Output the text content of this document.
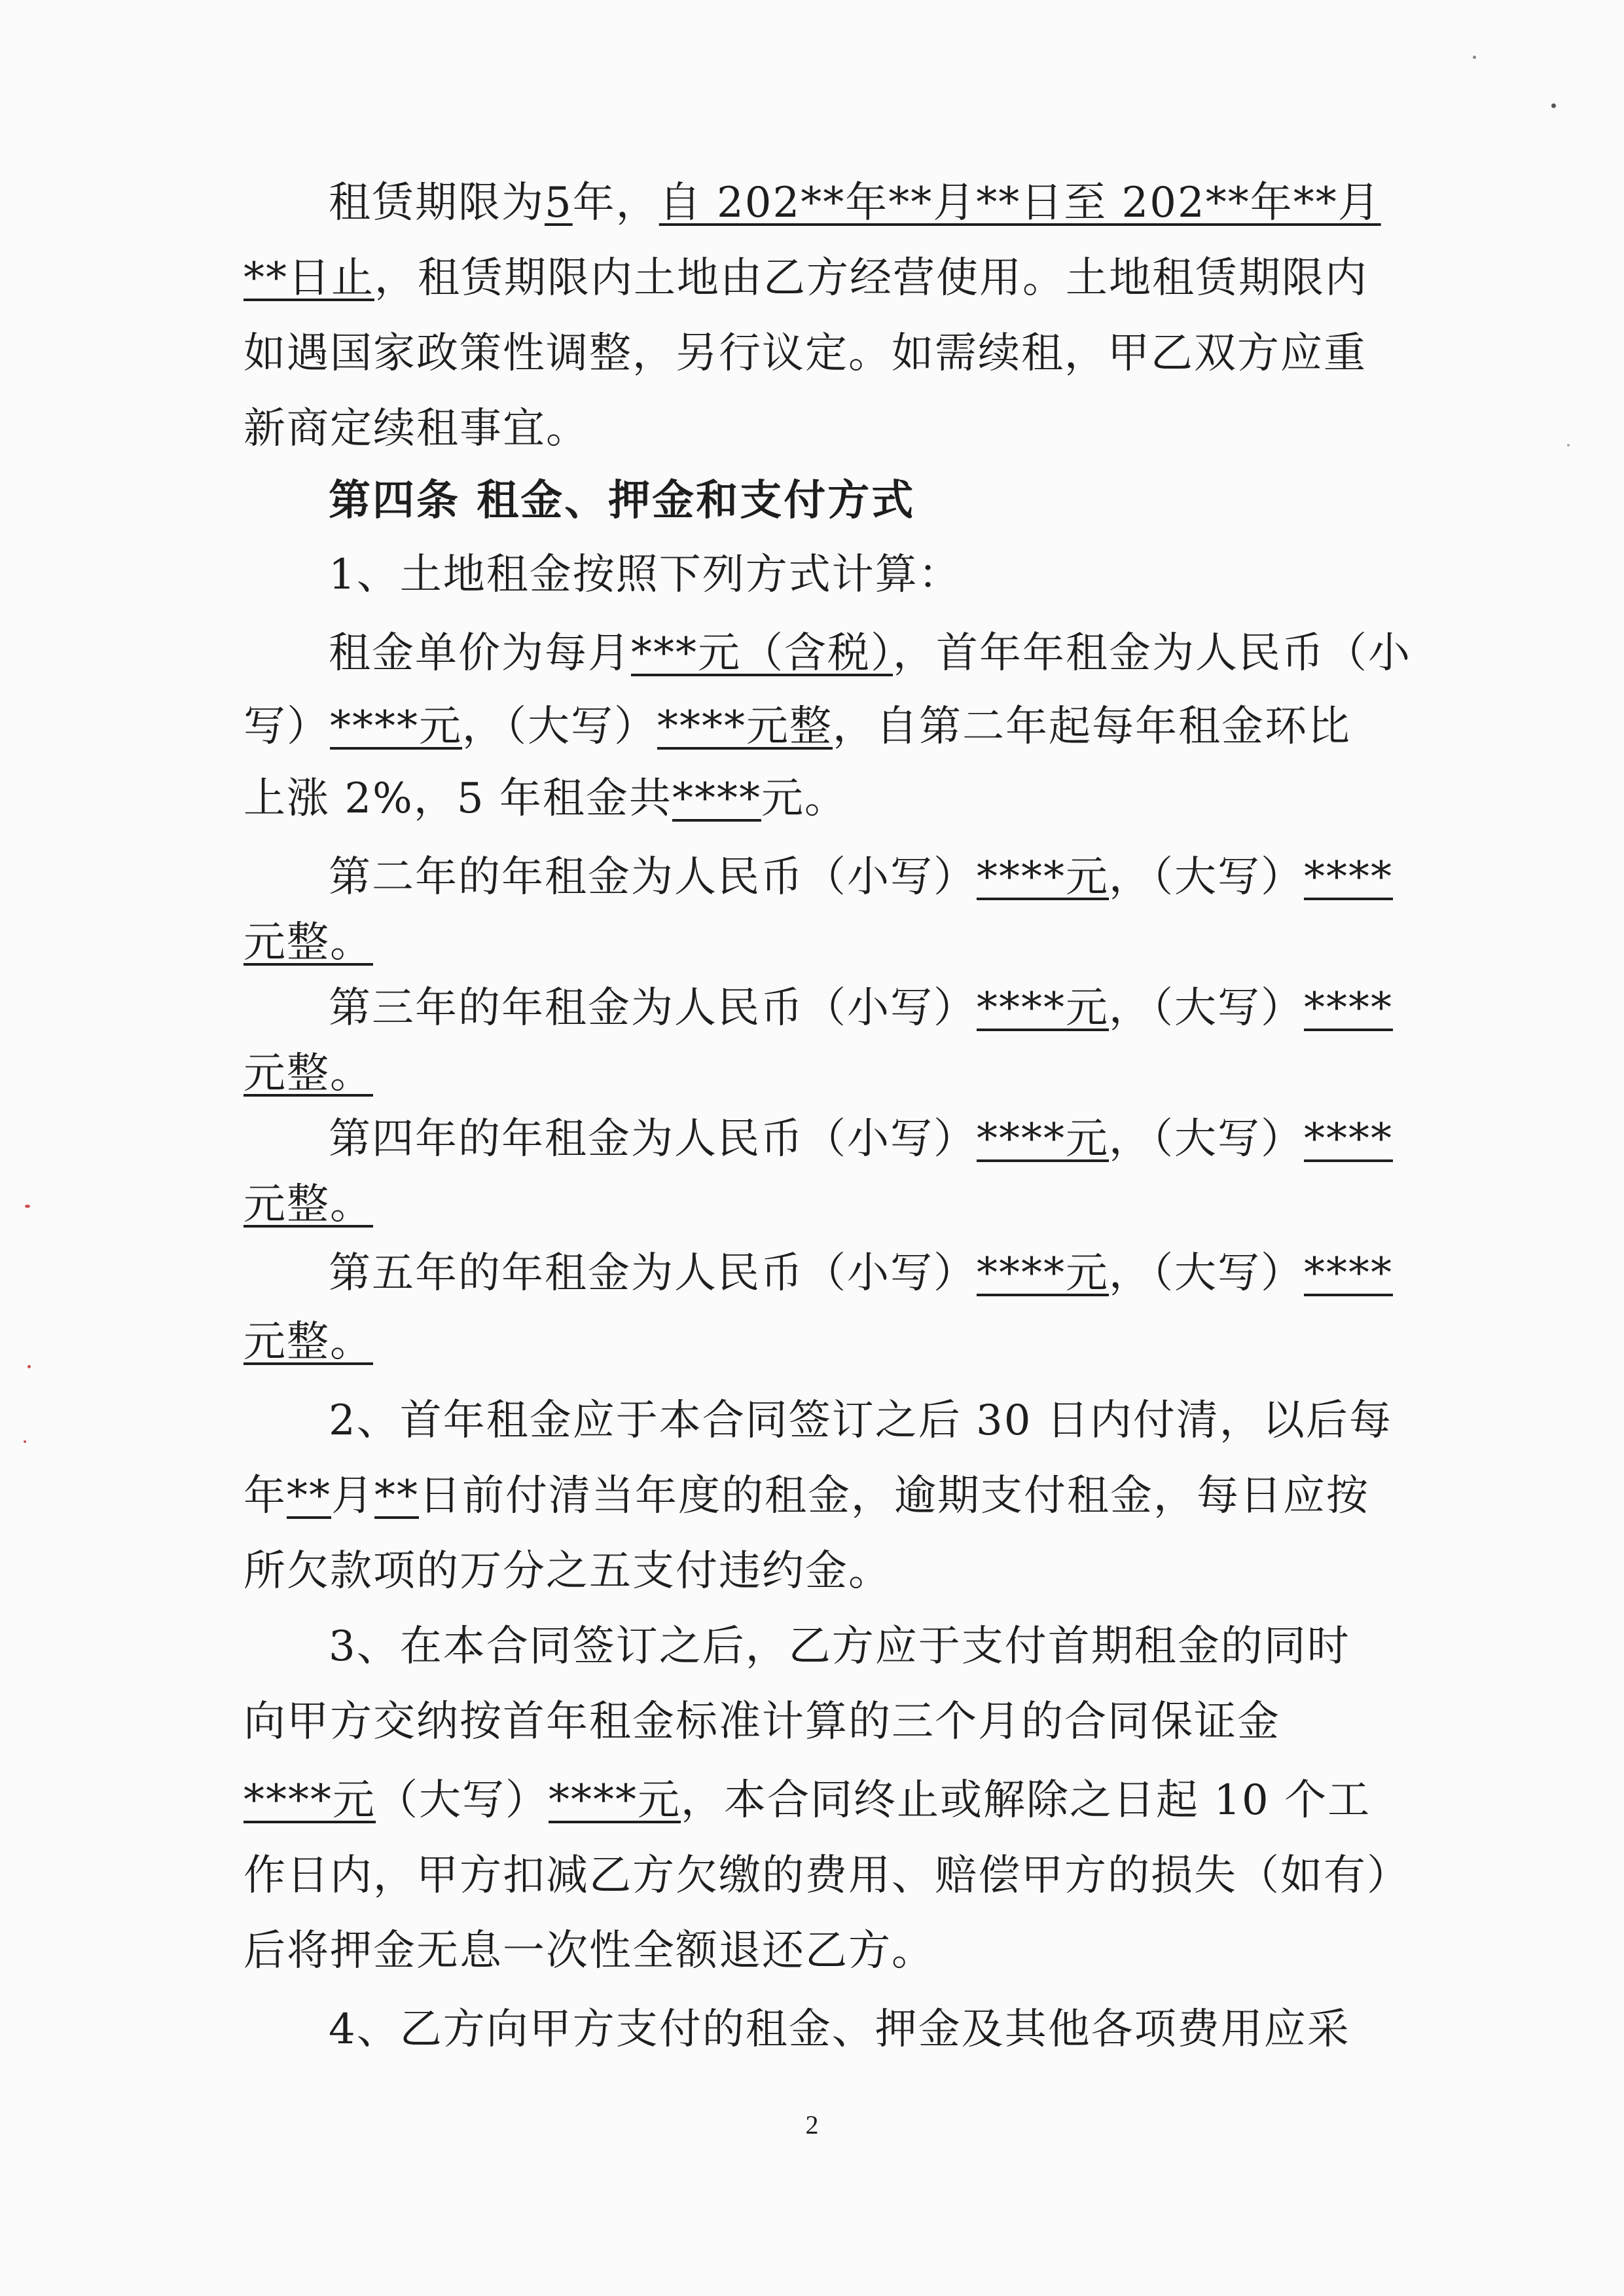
租赁期限为5年，自 202**年**月**日至 202**年**月
**日止，租赁期限内土地由乙方经营使用。土地租赁期限内
如遇国家政策性调整，另行议定。如需续租，甲乙双方应重
新商定续租事宜。
第四条 租金、押金和支付方式
1、土地租金按照下列方式计算：
租金单价为每月***元（含税），首年年租金为人民币（小
写）****元，（大写）****元整，自第二年起每年租金环比
上涨 2%，5 年租金共****元。
第二年的年租金为人民币（小写）****元，（大写）****
元整。
第三年的年租金为人民币（小写）****元，（大写）****
元整。
第四年的年租金为人民币（小写）****元，（大写）****
元整。
第五年的年租金为人民币（小写）****元，（大写）****
元整。
2、首年租金应于本合同签订之后 30 日内付清，以后每
年**月**日前付清当年度的租金，逾期支付租金，每日应按
所欠款项的万分之五支付违约金。
3、在本合同签订之后，乙方应于支付首期租金的同时
向甲方交纳按首年租金标准计算的三个月的合同保证金
****元（大写）****元，本合同终止或解除之日起 10 个工
作日内，甲方扣减乙方欠缴的费用、赔偿甲方的损失（如有）
后将押金无息一次性全额退还乙方。
4、乙方向甲方支付的租金、押金及其他各项费用应采
2
